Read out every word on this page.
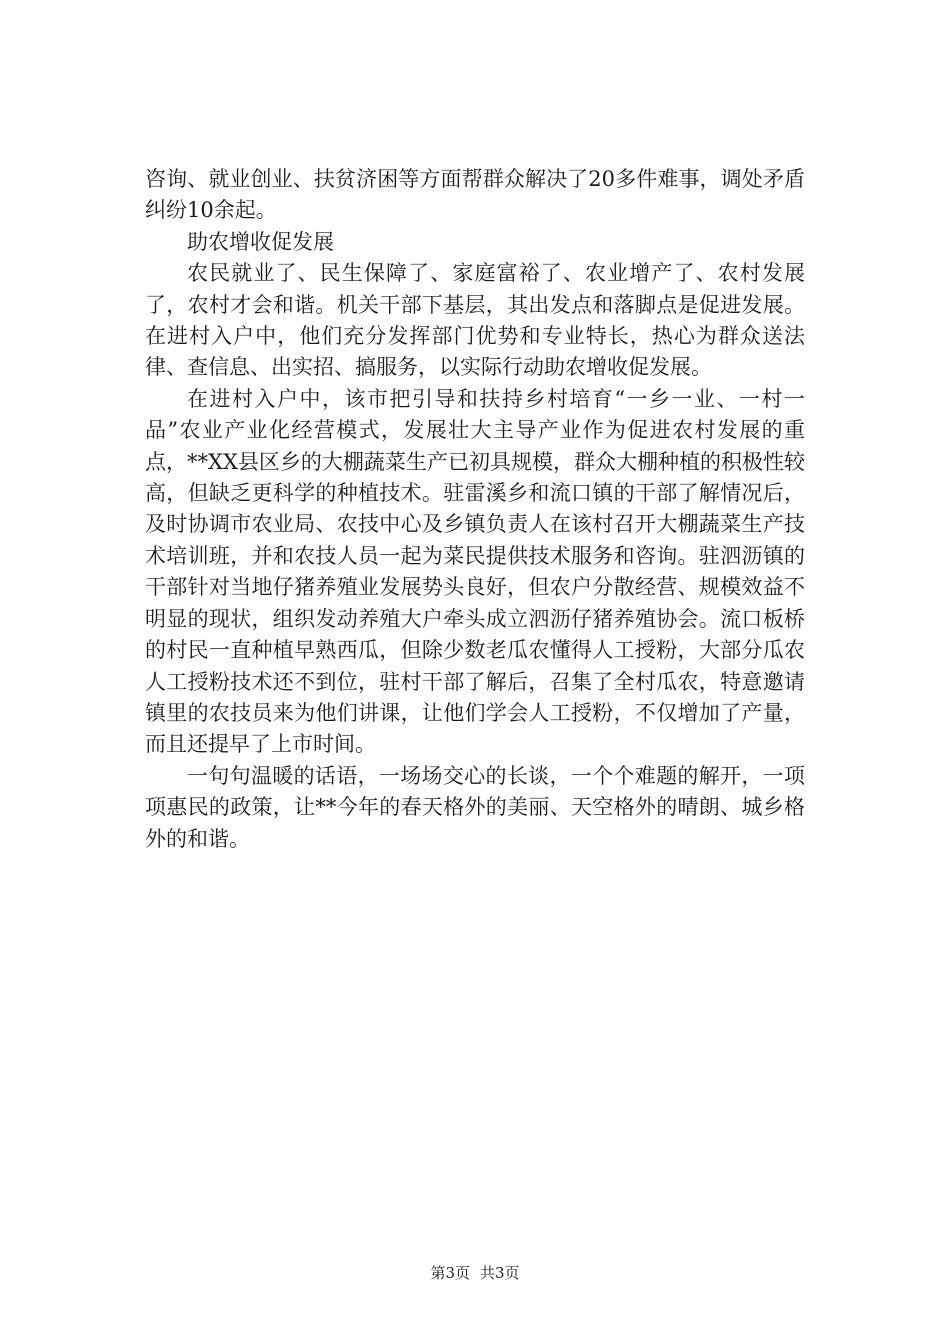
咨询、就业创业、扶贫济困等方面帮群众解决了20多件难事，调处矛盾纠纷10余起。

助农增收促发展

农民就业了、民生保障了、家庭富裕了、农业增产了、农村发展了，农村才会和谐。机关干部下基层，其出发点和落脚点是促进发展。在进村入户中，他们充分发挥部门优势和专业特长，热心为群众送法律、查信息、出实招、搞服务，以实际行动助农增收促发展。

在进村入户中，该市把引导和扶持乡村培育“一乡一业、一村一品”农业产业化经营模式，发展壮大主导产业作为促进农村发展的重点，**XX县区乡的大棚蔬菜生产已初具规模，群众大棚种植的积极性较高，但缺乏更科学的种植技术。驻雷溪乡和流口镇的干部了解情况后，及时协调市农业局、农技中心及乡镇负责人在该村召开大棚蔬菜生产技术培训班，并和农技人员一起为菜民提供技术服务和咨询。驻泗沥镇的干部针对当地仔猪养殖业发展势头良好，但农户分散经营、规模效益不明显的现状，组织发动养殖大户牵头成立泗沥仔猪养殖协会。流口板桥的村民一直种植早熟西瓜，但除少数老瓜农懂得人工授粉，大部分瓜农人工授粉技术还不到位，驻村干部了解后，召集了全村瓜农，特意邀请镇里的农技员来为他们讲课，让他们学会人工授粉，不仅增加了产量，而且还提早了上市时间。

一句句温暖的话语，一场场交心的长谈，一个个难题的解开，一项项惠民的政策，让**今年的春天格外的美丽、天空格外的晴朗、城乡格外的和谐。

第3页 共3页
